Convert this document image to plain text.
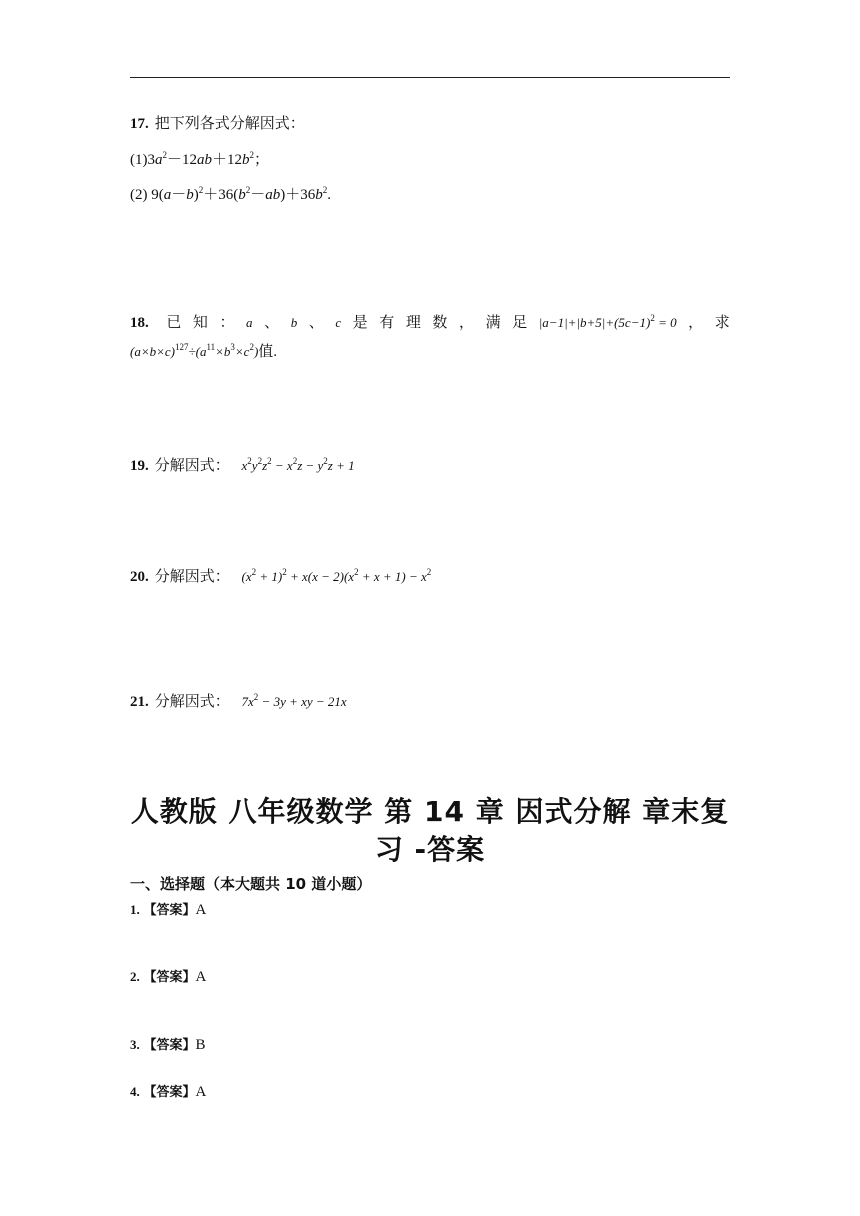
17. 把下列各式分解因式：
$(1)3a^2-12ab+12b^2$；
(2) $9(a-b)^2+36(b^2-ab)+36b^2$.
18. 已 知 ： a 、 b 、 c 是 有 理 数 ， 满 足 $|a-1|+|b+5|+(5c-1)^2 = 0$ ， 求
$(a\times b\times c)^{127}\div(a^{11}\times b^3\times c^2)$值.
19. 分解因式： $x^2y^2z^2 - x^2z - y^2z + 1$
20. 分解因式： $(x^2 + 1)^2 + x(x - 2)(x^2 + x + 1) - x^2$
21. 分解因式： $7x^2 - 3y$ + xy − 21x
人教版 八年级数学 第 14 章 因式分解 章末复
习 -答案
一、选择题（本大题共 10 道小题）
1. 【答案】A
2. 【答案】A
3. 【答案】B
4. 【答案】A
